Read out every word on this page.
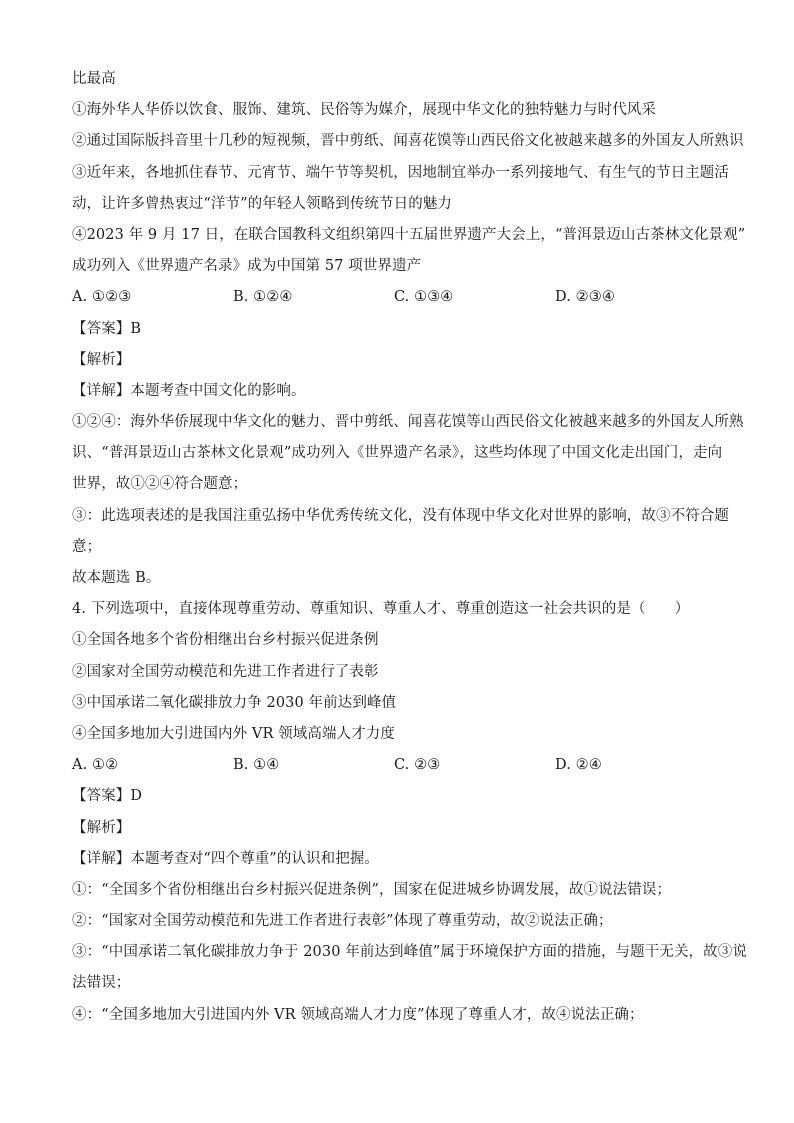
比最高
①海外华人华侨以饮食、服饰、建筑、民俗等为媒介，展现中华文化的独特魅力与时代风采
②通过国际版抖音里十几秒的短视频，晋中剪纸、闻喜花馍等山西民俗文化被越来越多的外国友人所熟识
③近年来，各地抓住春节、元宵节、端午节等契机，因地制宜举办一系列接地气、有生气的节日主题活
动，让许多曾热衷过“洋节”的年轻人领略到传统节日的魅力
④2023 年 9 月 17 日，在联合国教科文组织第四十五届世界遗产大会上，“普洱景迈山古茶林文化景观”
成功列入《世界遗产名录》成为中国第 57 项世界遗产
A. ①②③	B. ①②④	C. ①③④	D. ②③④
【答案】B
【解析】
【详解】本题考查中国文化的影响。
①②④：海外华侨展现中华文化的魅力、晋中剪纸、闻喜花馍等山西民俗文化被越来越多的外国友人所熟
识、“普洱景迈山古茶林文化景观”成功列入《世界遗产名录》，这些均体现了中国文化走出国门，走向
世界，故①②④符合题意；
③：此选项表述的是我国注重弘扬中华优秀传统文化，没有体现中华文化对世界的影响，故③不符合题
意；
故本题选 B。
4. 下列选项中，直接体现尊重劳动、尊重知识、尊重人才、尊重创造这一社会共识的是（　　）
①全国各地多个省份相继出台乡村振兴促进条例
②国家对全国劳动模范和先进工作者进行了表彰
③中国承诺二氧化碳排放力争 2030 年前达到峰值
④全国多地加大引进国内外 VR 领域高端人才力度
A. ①②	B. ①④	C. ②③	D. ②④
【答案】D
【解析】
【详解】本题考查对“四个尊重”的认识和把握。
①：“全国多个省份相继出台乡村振兴促进条例”，国家在促进城乡协调发展，故①说法错误；
②：“国家对全国劳动模范和先进工作者进行表彰”体现了尊重劳动，故②说法正确；
③：“中国承诺二氧化碳排放力争于 2030 年前达到峰值”属于环境保护方面的措施，与题干无关，故③说
法错误；
④：“全国多地加大引进国内外 VR 领域高端人才力度”体现了尊重人才，故④说法正确；
